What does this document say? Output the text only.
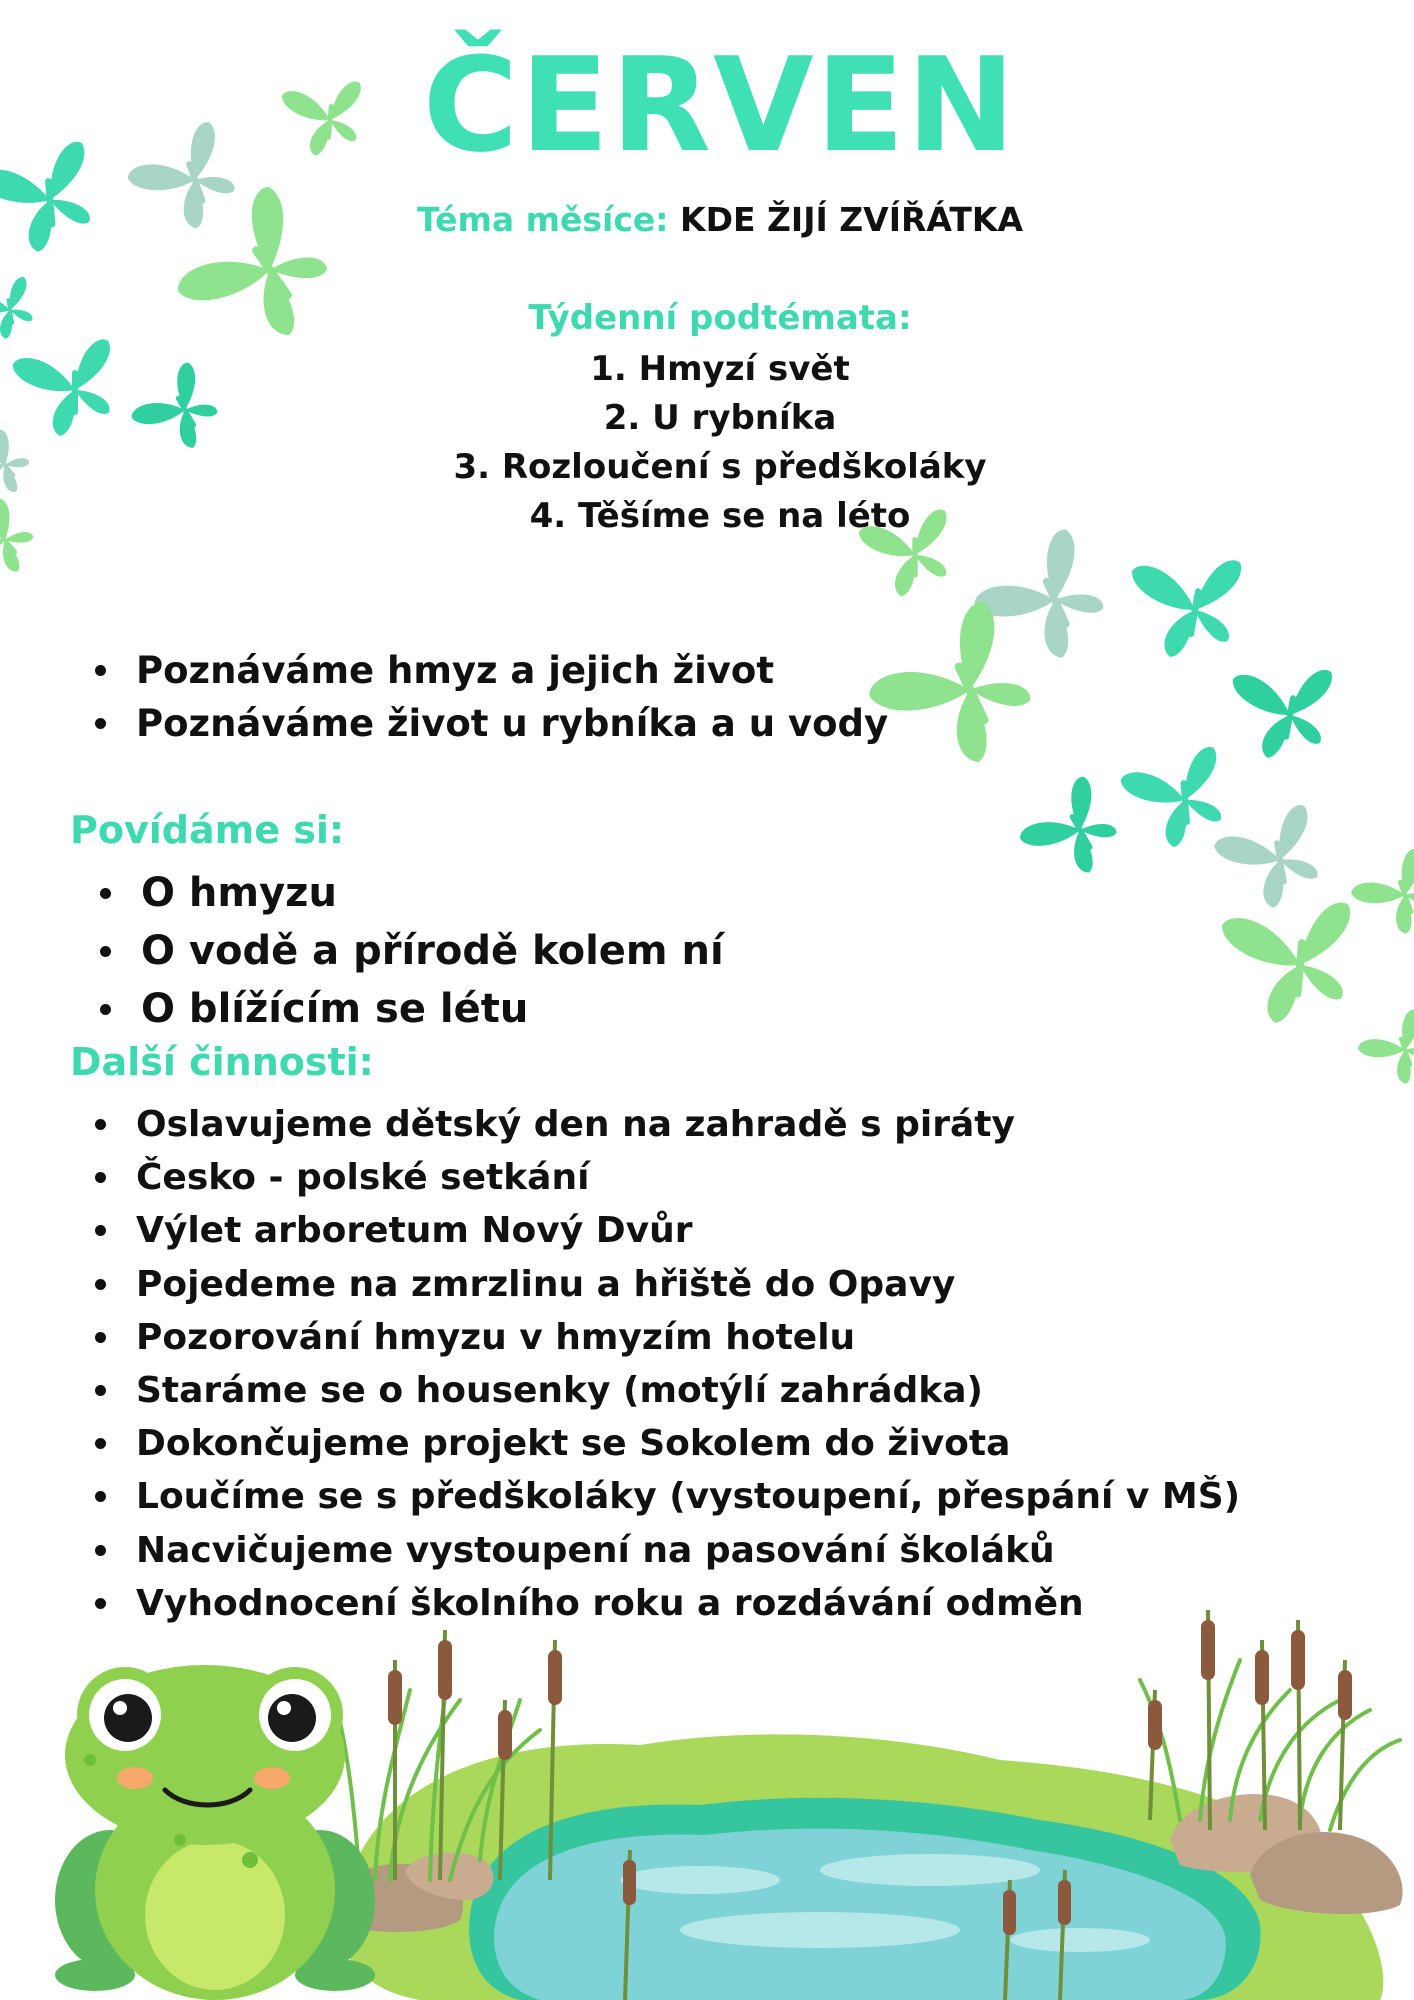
ČERVEN
Téma měsíce: KDE ŽIJÍ ZVÍŘÁTKA
Týdenní podtémata:
1. Hmyzí svět
2. U rybníka
3. Rozloučení s předškoláky
4. Těšíme se na léto
Poznáváme hmyz a jejich život
Poznáváme život u rybníka a u vody
Povídáme si:
O hmyzu
O vodě a přírodě kolem ní
O blížícím se létu
Další činnosti:
Oslavujeme dětský den na zahradě s piráty
Česko - polské setkání
Výlet arboretum Nový Dvůr
Pojedeme na zmrzlinu a hřiště do Opavy
Pozorování hmyzu v hmyzím hotelu
Staráme se o housenky (motýlí zahrádka)
Dokončujeme projekt se Sokolem do života
Loučíme se s předškoláky (vystoupení, přespání v MŠ)
Nacvičujeme vystoupení na pasování školáků
Vyhodnocení školního roku a rozdávání odměn
